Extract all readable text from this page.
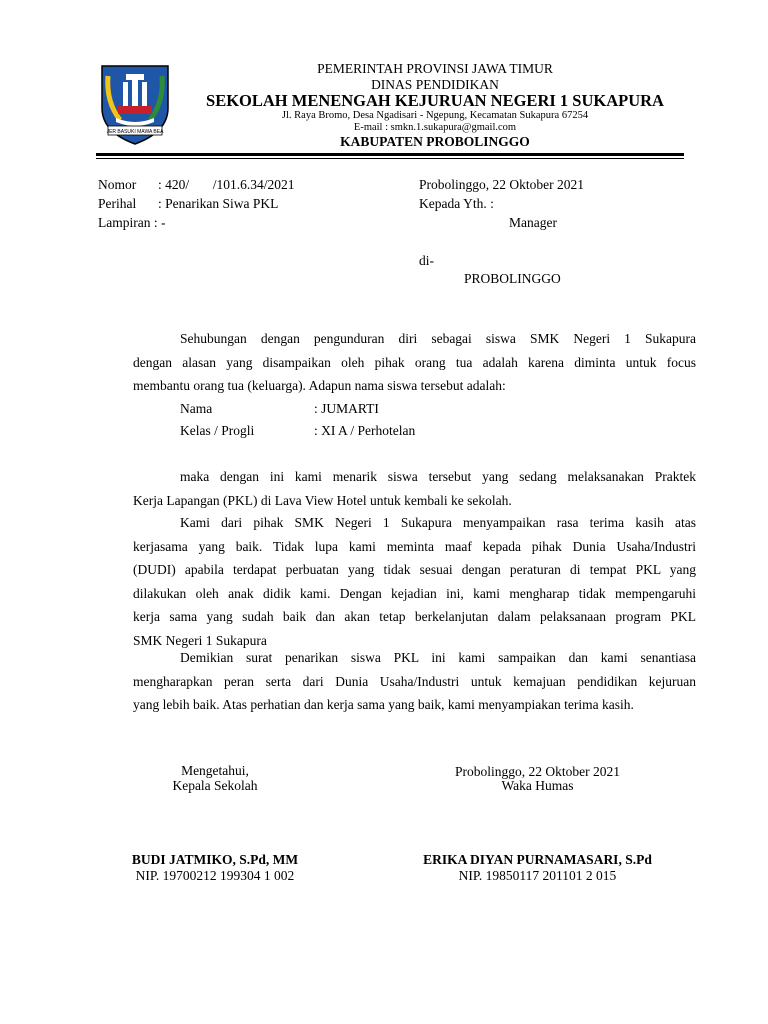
JER BASUKI MAWA BEA
PEMERINTAH PROVINSI JAWA TIMUR
DINAS PENDIDIKAN
SEKOLAH MENENGAH KEJURUAN NEGERI 1 SUKAPURA
Jl. Raya Bromo, Desa Ngadisari - Ngepung, Kecamatan Sukapura 67254
E-mail : smkn.1.sukapura@gmail.com
KABUPATEN PROBOLINGGO
Nomor : 420/       /101.6.34/2021
Perihal : Penarikan Siwa PKL
Lampiran : -
Probolinggo, 22 Oktober 2021
Kepada Yth. :
Manager
di-
PROBOLINGGO
Sehubungan dengan pengunduran diri sebagai siswa SMK Negeri 1 Sukapura
dengan alasan yang disampaikan oleh pihak orang tua adalah karena diminta untuk focus
membantu orang tua (keluarga). Adapun nama siswa tersebut adalah:
Nama	: JUMARTI
Kelas / Progli	: XI A / Perhotelan
maka dengan ini kami menarik siswa tersebut yang sedang melaksanakan Praktek
Kerja Lapangan (PKL) di Lava View Hotel untuk kembali ke sekolah.
Kami dari pihak SMK Negeri 1 Sukapura menyampaikan rasa terima kasih atas
kerjasama yang baik. Tidak lupa kami meminta maaf kepada pihak Dunia Usaha/Industri
(DUDI) apabila terdapat perbuatan yang tidak sesuai dengan peraturan di tempat PKL yang
dilakukan oleh anak didik kami. Dengan kejadian ini, kami mengharap tidak mempengaruhi
kerja sama yang sudah baik dan akan tetap berkelanjutan dalam pelaksanaan program PKL
SMK Negeri 1 Sukapura
Demikian surat penarikan siswa PKL ini kami sampaikan dan kami senantiasa
mengharapkan peran serta dari Dunia Usaha/Industri untuk kemajuan pendidikan kejuruan
yang lebih baik. Atas perhatian dan kerja sama yang baik, kami menyampiakan terima kasih.
Mengetahui,
Kepala Sekolah
BUDI JATMIKO, S.Pd, MM
NIP. 19700212 199304 1 002
Probolinggo, 22 Oktober 2021
Waka Humas
ERIKA DIYAN PURNAMASARI, S.Pd
NIP. 19850117 201101 2 015
